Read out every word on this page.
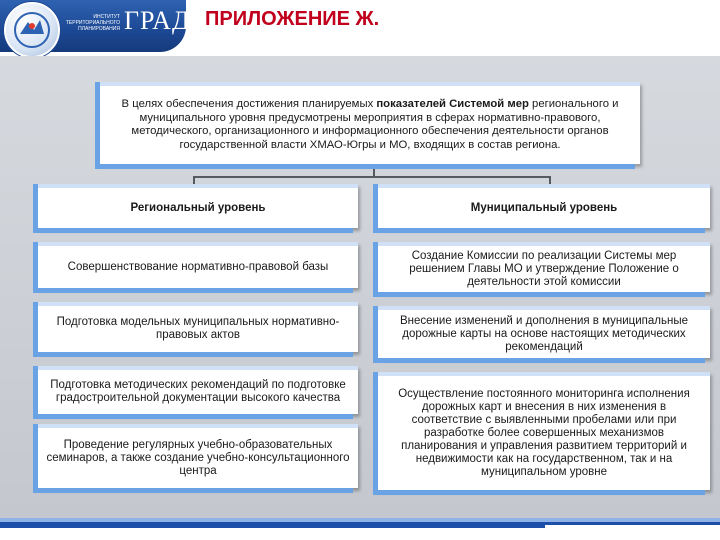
ИНСТИТУТ ТЕРРИТОРИАЛЬНОГО ПЛАНИРОВАНИЯ ГРАД ПРИЛОЖЕНИЕ Ж.
В целях обеспечения достижения планируемых показателей Системой мер регионального и муниципального уровня предусмотрены мероприятия в сферах нормативно-правового, методического, организационного и информационного обеспечения деятельности органов государственной власти ХМАО-Югры и МО, входящих в состав региона.
Региональный уровень	Муниципальный уровень
Совершенствование нормативно-правовой базы
Подготовка модельных муниципальных нормативно-правовых актов
Подготовка методических рекомендаций по подготовке градостроительной документации высокого качества
Проведение регулярных учебно-образовательных семинаров, а также создание учебно-консультационного центра
Создание Комиссии по реализации Системы мер решением Главы МО и утверждение Положение о деятельности этой комиссии
Внесение изменений и дополнения в муниципальные дорожные карты на основе настоящих методических рекомендаций
Осуществление постоянного мониторинга исполнения дорожных карт и внесения в них изменения в соответствие с выявленными пробелами или при разработке более совершенных механизмов планирования и управления развитием территорий и недвижимости как на государственном, так и на муниципальном уровне
